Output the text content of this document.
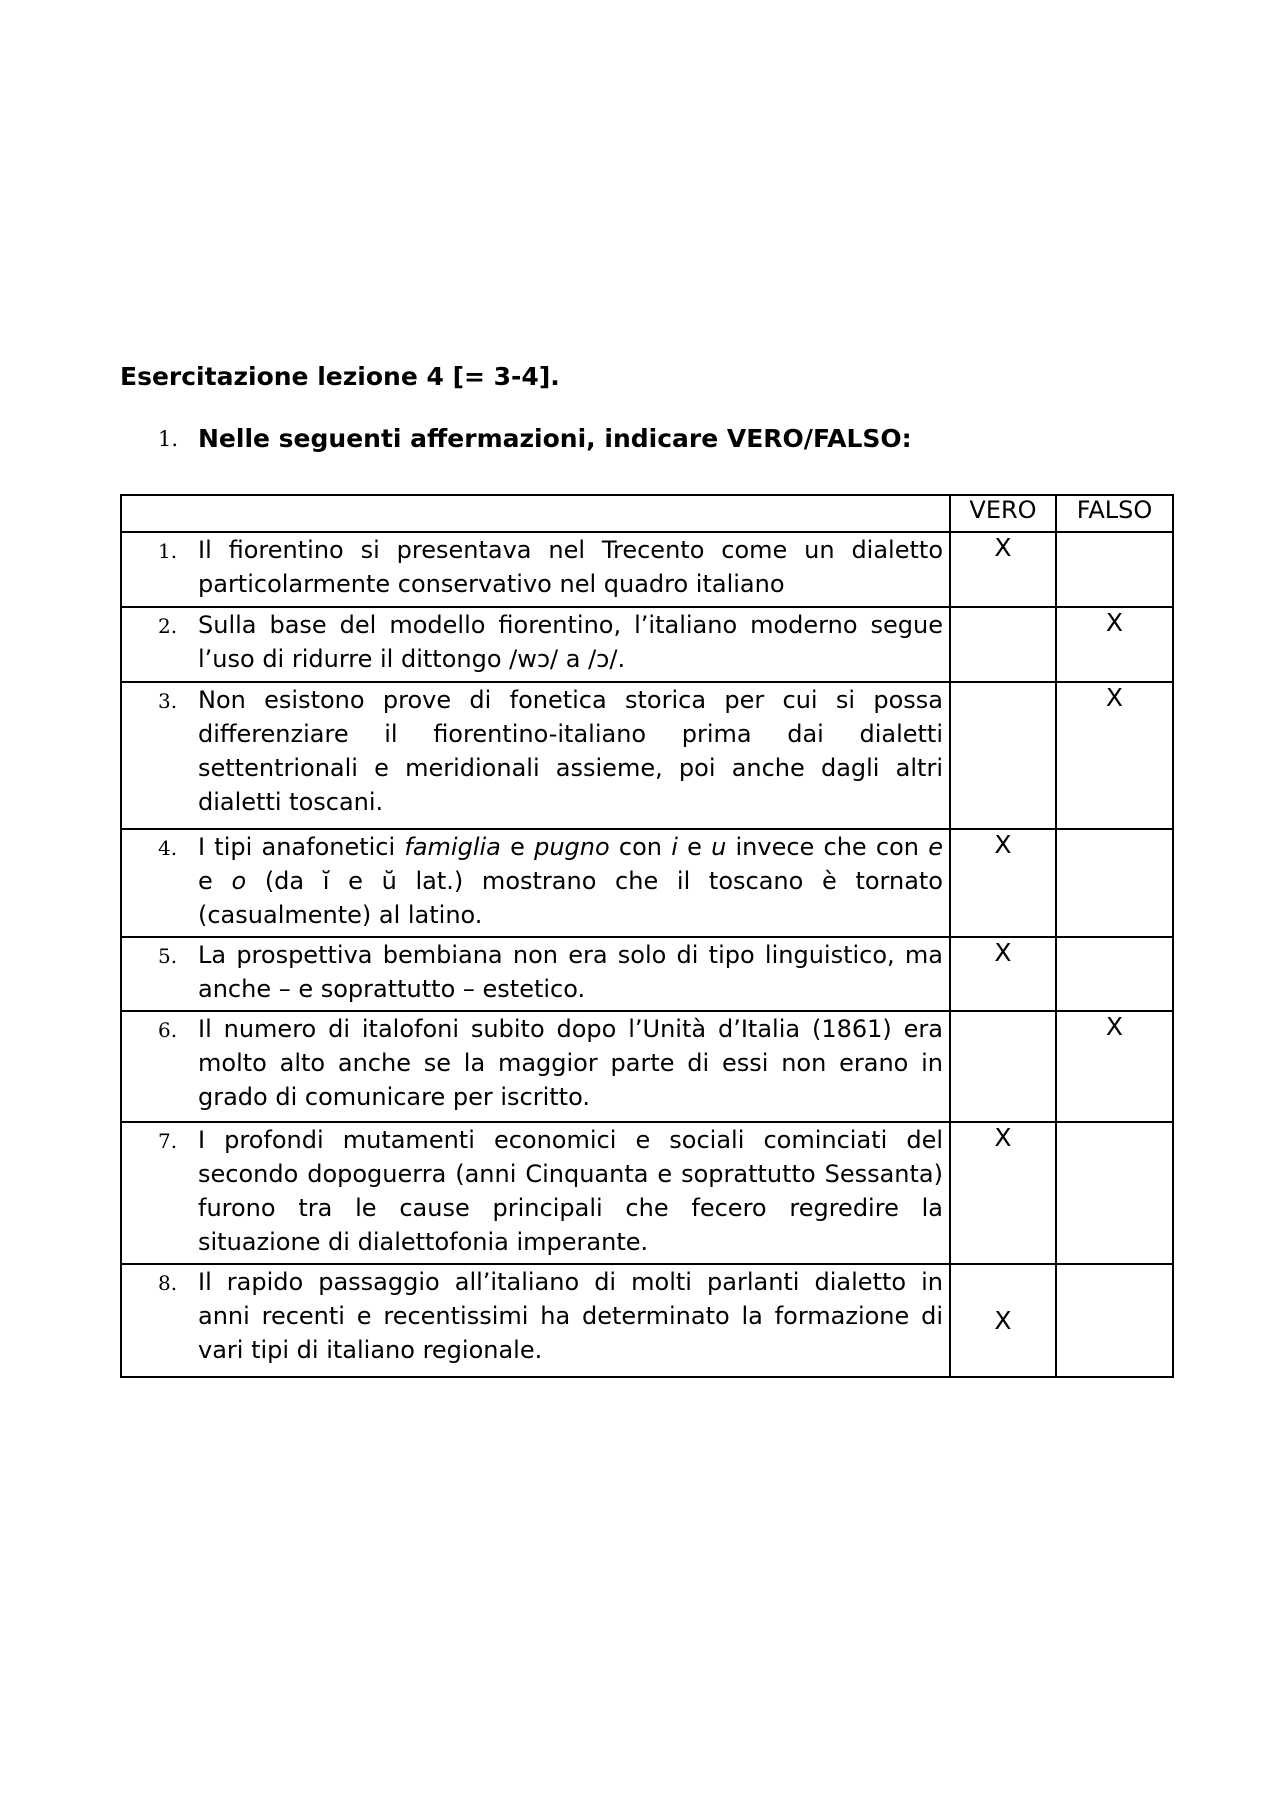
Esercitazione lezione 4 [= 3-4].

1. Nelle seguenti affermazioni, indicare VERO/FALSO:

	VERO	FALSO

1. Il fiorentino si presentava nel Trecento come un dialetto particolarmente conservativo nel quadro italiano	X	

2. Sulla base del modello fiorentino, l’italiano moderno segue l’uso di ridurre il dittongo /wɔ/ a /ɔ/.		X

3. Non esistono prove di fonetica storica per cui si possa differenziare il fiorentino-italiano prima dai dialetti settentrionali e meridionali assieme, poi anche dagli altri dialetti toscani.		X

4. I tipi anafonetici famiglia e pugno con i e u invece che con e e o (da ĭ e ŭ lat.) mostrano che il toscano è tornato (casualmente) al latino.	X	

5. La prospettiva bembiana non era solo di tipo linguistico, ma anche – e soprattutto – estetico.	X	

6. Il numero di italofoni subito dopo l’Unità d’Italia (1861) era molto alto anche se la maggior parte di essi non erano in grado di comunicare per iscritto.		X

7. I profondi mutamenti economici e sociali cominciati del secondo dopoguerra (anni Cinquanta e soprattutto Sessanta) furono tra le cause principali che fecero regredire la situazione di dialettofonia imperante.	X	

8. Il rapido passaggio all’italiano di molti parlanti dialetto in anni recenti e recentissimi ha determinato la formazione di vari tipi di italiano regionale.	X	
